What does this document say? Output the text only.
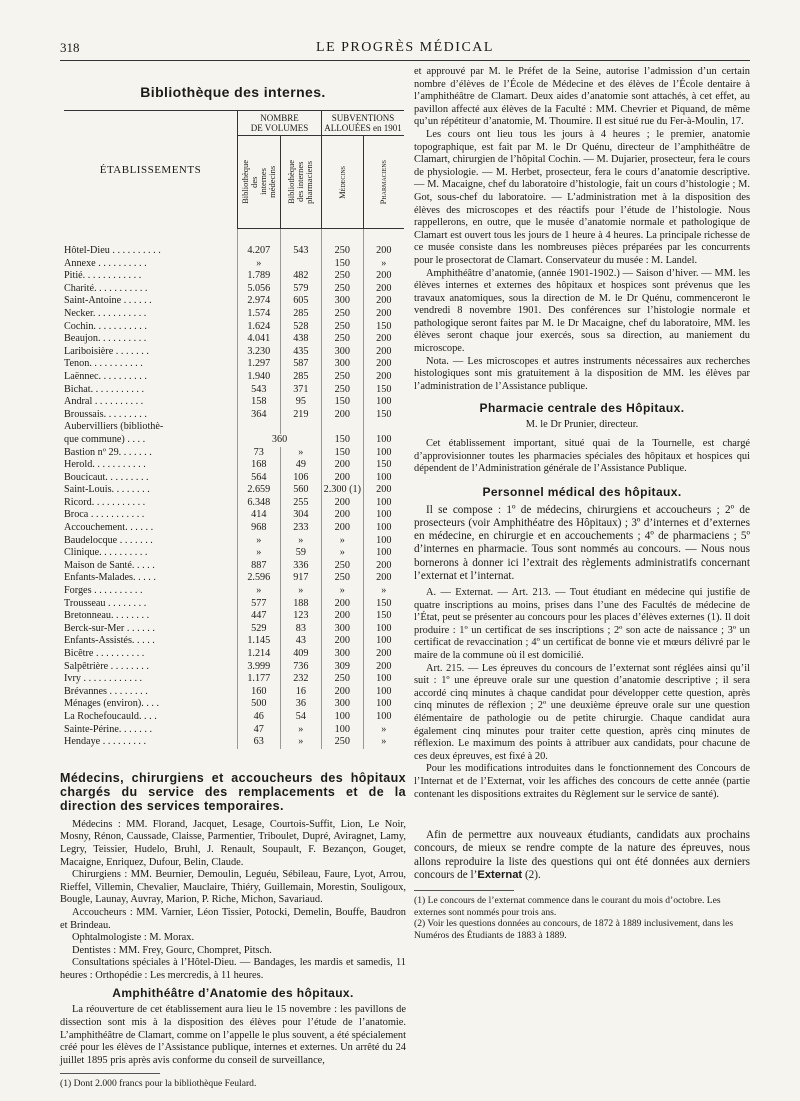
318	LE PROGRÈS MÉDICAL
Bibliothèque des internes.
ÉTABLISSEMENTS	NOMBRE
DE VOLUMES		SUBVENTIONS
ALLOUÉES en 1901	

	Bibliothèque
des
internes
médecins	Bibliothèque
des internes
pharmaciens	Médecins	Pharmaciens

Hôtel-Dieu . . . . . . . . . .	4.207	543	250	200
Annexe . . . . . . . . . .	»		150	»
Pitié. . . . . . . . . . . .	1.789	482	250	200
Charité. . . . . . . . . . .	5.056	579	250	200
Saint-Antoine . . . . . .	2.974	605	300	200
Necker. . . . . . . . . . .	1.574	285	250	200
Cochin. . . . . . . . . . .	1.624	528	250	150
Beaujon. . . . . . . . . .	4.041	438	250	200
Lariboisière . . . . . . .	3.230	435	300	200
Tenon. . . . . . . . . . .	1.297	587	300	200
Laënnec. . . . . . . . . .	1.940	285	250	200
Bichat. . . . . . . . . . .	543	371	250	150
Andral . . . . . . . . . .	158	95	150	100
Broussais. . . . . . . . .	364	219	200	150
Aubervilliers (bibliothè-				
que commune) . . . .	360		150	100
Bastion nº 29. . . . . . .	73	»	150	100
Herold. . . . . . . . . . .	168	49	200	150
Boucicaut. . . . . . . . .	564	106	200	100
Saint-Louis. . . . . . . .	2.659	560	2.300 (1)	200
Ricord. . . . . . . . . . .	6.348	255	200	100
Broca . . . . . . . . . . .	414	304	200	100
Accouchement. . . . . .	968	233	200	100
Baudelocque . . . . . . .	»	»	»	100
Clinique. . . . . . . . . .	»	59	»	100
Maison de Santé. . . . .	887	336	250	200
Enfants-Malades. . . . .	2.596	917	250	200
Forges . . . . . . . . . .	»	»	»	»
Trousseau . . . . . . . .	577	188	200	150
Bretonneau. . . . . . . .	447	123	200	150
Berck-sur-Mer . . . . . .	529	83	300	100
Enfants-Assistés. . . . .	1.145	43	200	100
Bicêtre . . . . . . . . . .	1.214	409	300	200
Salpêtrière . . . . . . . .	3.999	736	309	200
Ivry . . . . . . . . . . . .	1.177	232	250	100
Brévannes . . . . . . . .	160	16	200	100
Ménages (environ). . . .	500	36	300	100
La Rochefoucauld. . . .	46	54	100	100
Sainte-Périne. . . . . . .	47	»	100	»
Hendaye . . . . . . . . .	63	»	250	»
Médecins, chirurgiens et accoucheurs des hôpitaux chargés du service des remplacements et de la direction des services temporaires.

Médecins : MM. Florand, Jacquet, Lesage, Courtois-Suffit, Lion, Le Noir, Mosny, Rénon, Caussade, Claisse, Parmentier, Triboulet, Dupré, Aviragnet, Lamy, Legry, Teissier, Hudelo, Bruhl, J. Renault, Soupault, F. Bezançon, Gouget, Macaigne, Enriquez, Dufour, Belin, Claude.

Chirurgiens : MM. Beurnier, Demoulin, Leguéu, Sébileau, Faure, Lyot, Arrou, Rieffel, Villemin, Chevalier, Mauclaire, Thiéry, Guillemain, Morestin, Souligoux, Bougle, Launay, Auvray, Marion, P. Riche, Michon, Savariaud.

Accoucheurs : MM. Varnier, Léon Tissier, Potocki, Demelin, Bouffe, Baudron et Brindeau.

Ophtalmologiste : M. Morax.

Dentistes : MM. Frey, Gourc, Chompret, Pitsch.

Consultations spéciales à l’Hôtel-Dieu. — Bandages, les mardis et samedis, 11 heures : Orthopédie : Les mercredis, à 11 heures.

Amphithéâtre d’Anatomie des hôpitaux.

La réouverture de cet établissement aura lieu le 15 novembre : les pavillons de dissection sont mis à la disposition des élèves pour l’étude de l’anatomie. L’amphithéâtre de Clamart, comme on l’appelle le plus souvent, a été spécialement créé pour les élèves de l’Assistance publique, internes et externes. Un arrêté du 24 juillet 1895 pris après avis conforme du conseil de surveillance,

(1) Dont 2.000 francs pour la bibliothèque Feulard.

et approuvé par M. le Préfet de la Seine, autorise l’admission d’un certain nombre d’élèves de l’École de Médecine et des élèves de l’École dentaire à l’amphithéâtre de Clamart. Deux aides d’anatomie sont attachés, à cet effet, au pavillon affecté aux élèves de la Faculté : MM. Chevrier et Piquand, de même qu’un répétiteur d’anatomie, M. Thoumire. Il est situé rue du Fer-à-Moulin, 17.

Les cours ont lieu tous les jours à 4 heures ; le premier, anatomie topographique, est fait par M. le Dr Quénu, directeur de l’amphithéâtre de Clamart, chirurgien de l’hôpital Cochin. — M. Dujarier, prosecteur, fera le cours de physiologie. — M. Herbet, prosecteur, fera le cours d’anatomie descriptive. — M. Macaigne, chef du laboratoire d’histologie, fait un cours d’histologie ; M. Got, sous-chef du laboratoire. — L’administration met à la disposition des élèves des microscopes et des réactifs pour l’étude de l’histologie. Nous rappellerons, en outre, que le musée d’anatomie normale et pathologique de Clamart est ouvert tous les jours de 1 heure à 4 heures. La principale richesse de ce musée consiste dans les nombreuses pièces préparées par les concurrents pour le prosectorat de Clamart. Conservateur du musée : M. Landel.

Amphithéâtre d’anatomie, (année 1901-1902.) — Saison d’hiver. — MM. les élèves internes et externes des hôpitaux et hospices sont prévenus que les travaux anatomiques, sous la direction de M. le Dr Quénu, commenceront le vendredi 8 novembre 1901. Des conférences sur l’histologie normale et pathologique seront faites par M. le Dr Macaigne, chef du laboratoire, MM. les élèves seront chaque jour exercés, sous sa direction, au maniement du microscope.

Nota. — Les microscopes et autres instruments nécessaires aux recherches histologiques sont mis gratuitement à la disposition de MM. les élèves par l’administration de l’Assistance publique.

Pharmacie centrale des Hôpitaux.

M. le Dr Prunier, directeur.

Cet établissement important, situé quai de la Tournelle, est chargé d’approvisionner toutes les pharmacies spéciales des hôpitaux et hospices qui dépendent de l’Administration générale de l’Assistance Publique.

Personnel médical des hôpitaux.

Il se compose : 1º de médecins, chirurgiens et accoucheurs ; 2º de prosecteurs (voir Amphithéatre des Hôpitaux) ; 3º d’internes et d’externes en médecine, en chirurgie et en accouchements ; 4º de pharmaciens ; 5º d’internes en pharmacie. Tous sont nommés au concours. — Nous nous bornerons à donner ici l’extrait des règlements administratifs concernant l’externat et l’internat.

A. — Externat. — Art. 213. — Tout étudiant en médecine qui justifie de quatre inscriptions au moins, prises dans l’une des Facultés de médecine de l’État, peut se présenter au concours pour les places d’élèves externes (1). Il doit produire : 1º un certificat de ses inscriptions ; 2º son acte de naissance ; 3º un certificat de revaccination ; 4º un certificat de bonne vie et mœurs délivré par le maire de la commune où il est domicilié.

Art. 215. — Les épreuves du concours de l’externat sont réglées ainsi qu’il suit : 1º une épreuve orale sur une question d’anatomie descriptive ; il sera accordé cinq minutes à chaque candidat pour développer cette question, après cinq minutes de réflexion ; 2º une deuxième épreuve orale sur une question élémentaire de pathologie ou de petite chirurgie. Chaque candidat aura également cinq minutes pour traiter cette question, après cinq minutes de réflexion. Le maximum des points à attribuer aux candidats, pour chacune de ces deux épreuves, est fixé à 20.

Pour les modifications introduites dans le fonctionnement des Concours de l’Internat et de l’Externat, voir les affiches des concours de cette année (partie contenant les dispositions extraites du Règlement sur le service de santé).

Afin de permettre aux nouveaux étudiants, candidats aux prochains concours, de mieux se rendre compte de la nature des épreuves, nous allons reproduire la liste des questions qui ont été données aux derniers concours de l’Externat (2).

(1) Le concours de l’externat commence dans le courant du mois d’octobre. Les externes sont nommés pour trois ans.

(2) Voir les questions données au concours, de 1872 à 1889 inclusivement, dans les Numéros des Étudiants de 1883 à 1889.
